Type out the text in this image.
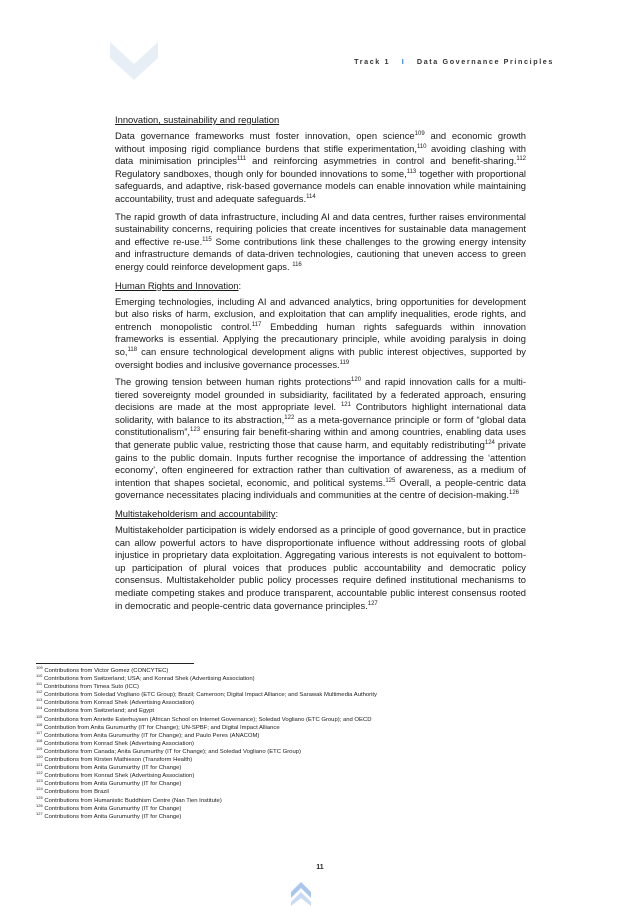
Track 1 I Data Governance Principles
Innovation, sustainability and regulation

Data governance frameworks must foster innovation, open science$^{109}$ and economic growth without imposing rigid compliance burdens that stifle experimentation,$^{110}$ avoiding clashing with data minimisation principles$^{111}$ and reinforcing asymmetries in control and benefit-sharing.$^{112}$ Regulatory sandboxes, though only for bounded innovations to some,$^{113}$ together with proportional safeguards, and adaptive, risk-based governance models can enable innovation while maintaining accountability, trust and adequate safeguards.$^{114}$

The rapid growth of data infrastructure, including AI and data centres, further raises environmental sustainability concerns, requiring policies that create incentives for sustainable data management and effective re-use.$^{115}$ Some contributions link these challenges to the growing energy intensity and infrastructure demands of data-driven technologies, cautioning that uneven access to green energy could reinforce development gaps. $^{116}$

Human Rights and Innovation:

Emerging technologies, including AI and advanced analytics, bring opportunities for development but also risks of harm, exclusion, and exploitation that can amplify inequalities, erode rights, and entrench monopolistic control.$^{117}$ Embedding human rights safeguards within innovation frameworks is essential. Applying the precautionary principle, while avoiding paralysis in doing so,$^{118}$ can ensure technological development aligns with public interest objectives, supported by oversight bodies and inclusive governance processes.$^{119}$

The growing tension between human rights protections$^{120}$ and rapid innovation calls for a multi-tiered sovereignty model grounded in subsidiarity, facilitated by a federated approach, ensuring decisions are made at the most appropriate level. $^{121}$ Contributors highlight international data solidarity, with balance to its abstraction,$^{122}$ as a meta-governance principle or form of “global data constitutionalism”,$^{123}$ ensuring fair benefit-sharing within and among countries, enabling data uses that generate public value, restricting those that cause harm, and equitably redistributing$^{124}$ private gains to the public domain. Inputs further recognise the importance of addressing the ‘attention economy’, often engineered for extraction rather than cultivation of awareness, as a medium of intention that shapes societal, economic, and political systems.$^{125}$ Overall, a people-centric data governance necessitates placing individuals and communities at the centre of decision-making.$^{126}$

Multistakeholderism and accountability:

Multistakeholder participation is widely endorsed as a principle of good governance, but in practice can allow powerful actors to have disproportionate influence without addressing roots of global injustice in proprietary data exploitation. Aggregating various interests is not equivalent to bottom-up participation of plural voices that produces public accountability and democratic policy consensus. Multistakeholder public policy processes require defined institutional mechanisms to mediate competing stakes and produce transparent, accountable public interest consensus rooted in democratic and people-centric data governance principles.$^{127}$

$^{109}$ Contributions from Victor Gomez (CONCYTEC)
$^{110}$ Contributions from Switzerland; USA; and Konrad Shek (Advertising Association)
$^{111}$ Contributions from Timea Suto (ICC)
$^{112}$ Contributions from Soledad Vogliano (ETC Group); Brazil; Cameroon; Digital Impact Alliance; and Sarawak Multimedia Authority
$^{113}$ Contributions from Konrad Shek (Advertising Association)
$^{114}$ Contributions from Switzerland; and Egypt
$^{115}$ Contributions from Anriette Esterhuysen (African School on Internet Governance); Soledad Vogliano (ETC Group); and OECD
$^{116}$ Contribution from Anita Gurumurthy (IT for Change); UN-SPBF; and Digital Impact Alliance
$^{117}$ Contributions from Anita Gurumurthy (IT for Change); and Paulo Peres (ANACOM)
$^{118}$ Contributions from Konrad Shek (Advertising Association)
$^{119}$ Contributions from Canada; Anita Gurumurthy (IT for Change); and Soledad Vogliano (ETC Group)
$^{120}$ Contributions from Kirsten Mathieson (Transform Health)
$^{121}$ Contributions from Anita Gurumurthy (IT for Change)
$^{122}$ Contributions from Konrad Shek (Advertising Association)
$^{123}$ Contributions from Anita Gurumurthy (IT for Change)
$^{124}$ Contributions from Brazil
$^{125}$ Contributions from Humanistic Buddhism Centre (Nan Tien Institute)
$^{126}$ Contributions from Anita Gurumurthy (IT for Change)
$^{127}$ Contributions from Anita Gurumurthy (IT for Change)
11
